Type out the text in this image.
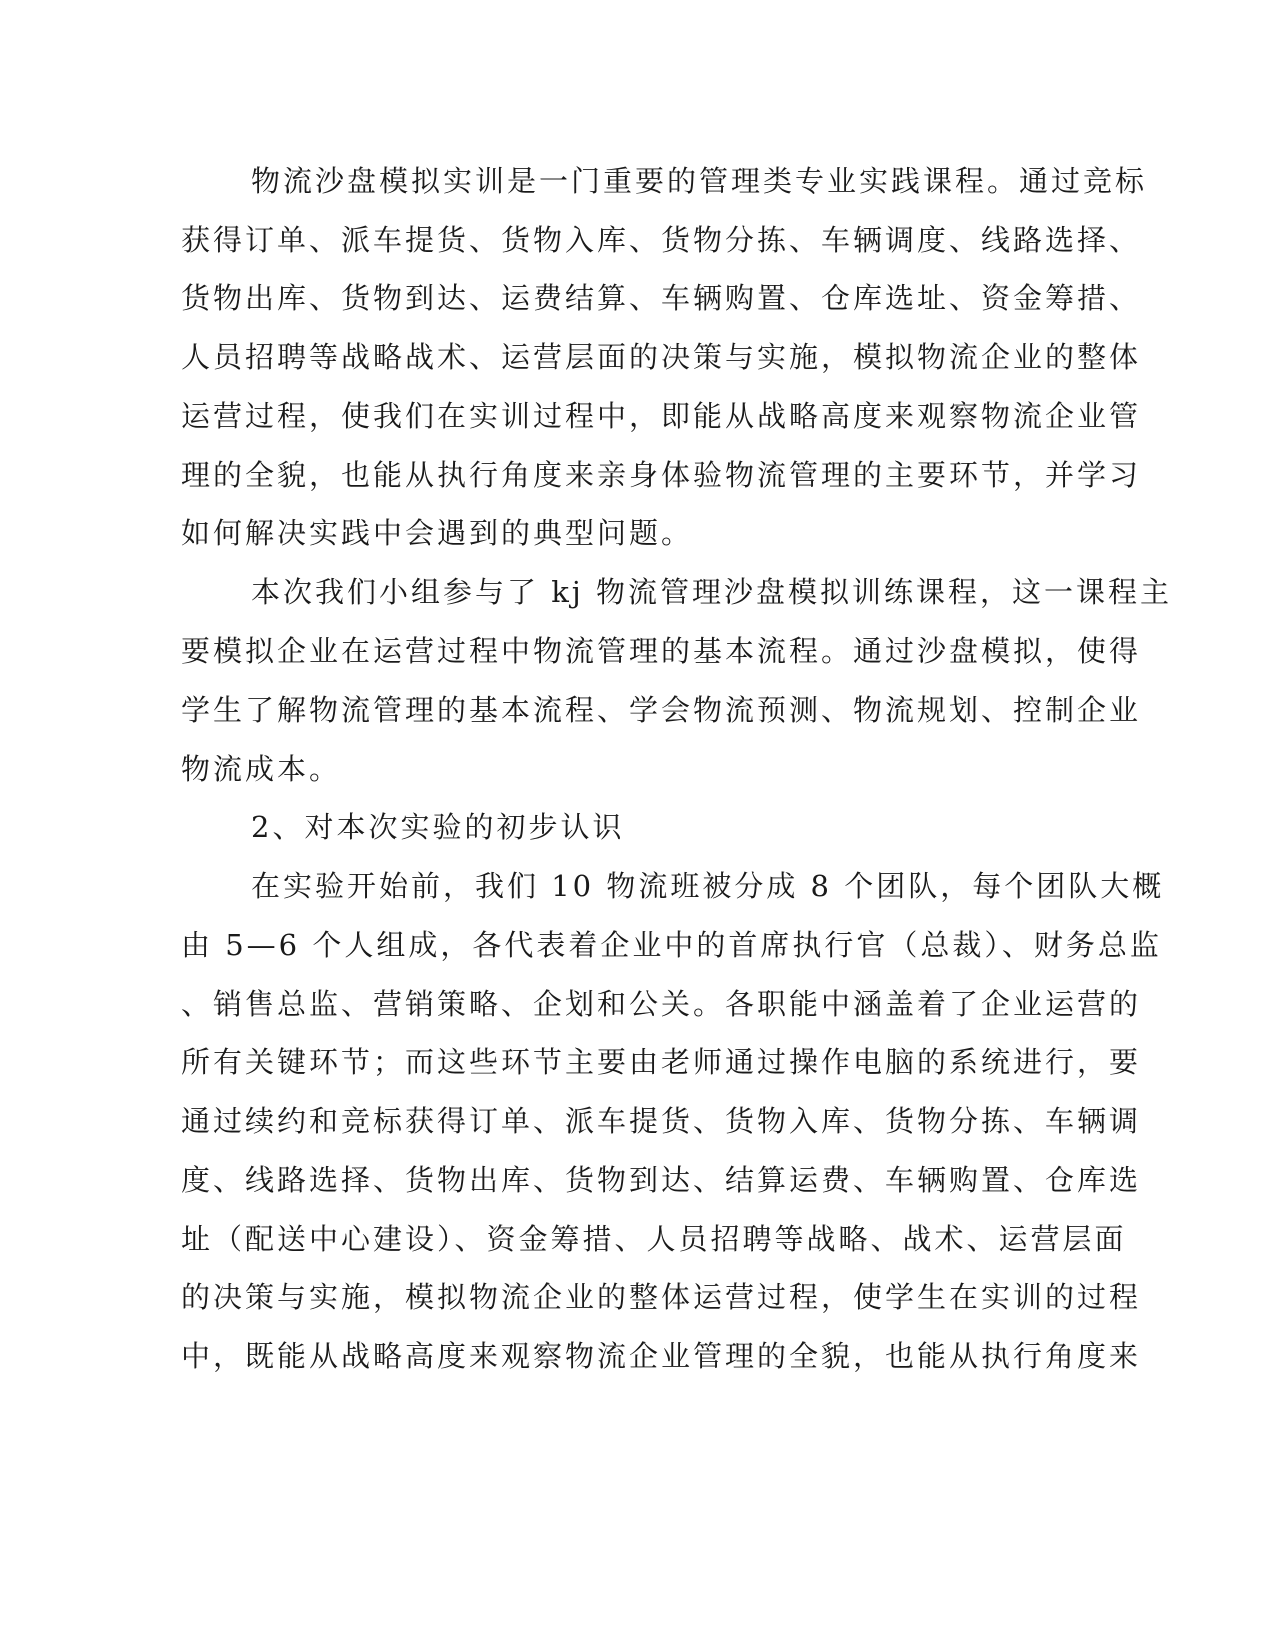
物流沙盘模拟实训是一门重要的管理类专业实践课程。通过竞标
获得订单、派车提货、货物入库、货物分拣、车辆调度、线路选择、
货物出库、货物到达、运费结算、车辆购置、仓库选址、资金筹措、
人员招聘等战略战术、运营层面的决策与实施，模拟物流企业的整体
运营过程，使我们在实训过程中，即能从战略高度来观察物流企业管
理的全貌，也能从执行角度来亲身体验物流管理的主要环节，并学习
如何解决实践中会遇到的典型问题。
本次我们小组参与了 kj 物流管理沙盘模拟训练课程，这一课程主
要模拟企业在运营过程中物流管理的基本流程。通过沙盘模拟，使得
学生了解物流管理的基本流程、学会物流预测、物流规划、控制企业
物流成本。
2、对本次实验的初步认识
在实验开始前，我们 10 物流班被分成 8 个团队，每个团队大概
由 5—6 个人组成，各代表着企业中的首席执行官（总裁）、财务总监
、销售总监、营销策略、企划和公关。各职能中涵盖着了企业运营的
所有关键环节；而这些环节主要由老师通过操作电脑的系统进行，要
通过续约和竞标获得订单、派车提货、货物入库、货物分拣、车辆调
度、线路选择、货物出库、货物到达、结算运费、车辆购置、仓库选
址（配送中心建设）、资金筹措、人员招聘等战略、战术、运营层面
的决策与实施，模拟物流企业的整体运营过程，使学生在实训的过程
中，既能从战略高度来观察物流企业管理的全貌，也能从执行角度来
